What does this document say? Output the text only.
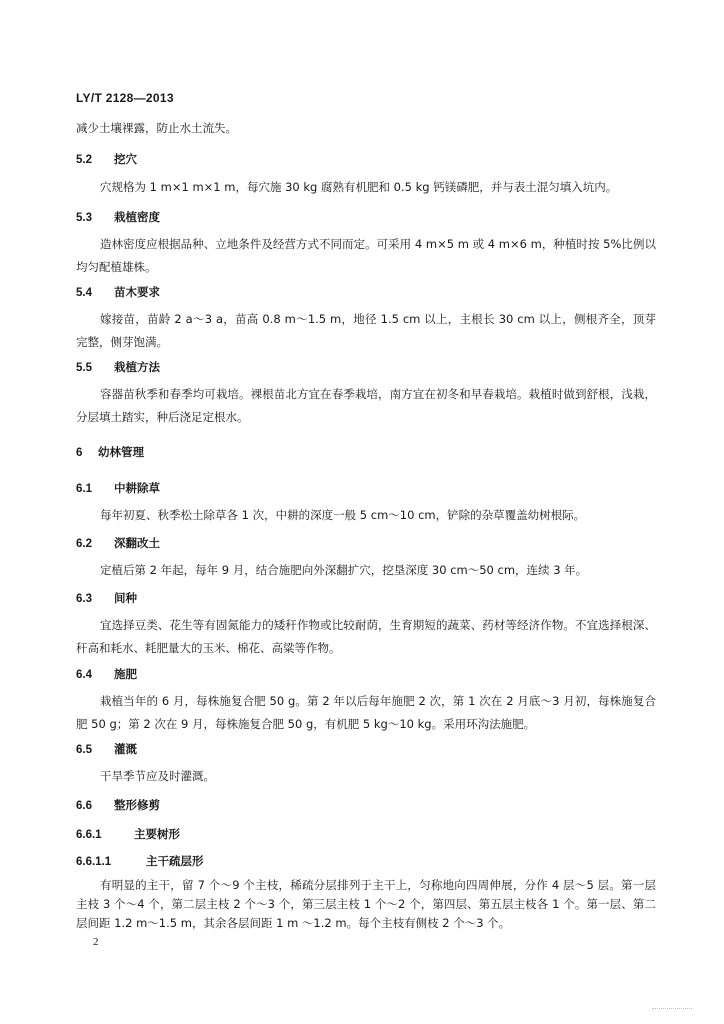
LY/T 2128—2013
减少土壤裸露，防止水土流失。
5.2 挖穴
穴规格为 1 m×1 m×1 m，每穴施 30 kg 腐熟有机肥和 0.5 kg 钙镁磷肥，并与表土混匀填入坑内。
5.3 栽植密度
造林密度应根据品种、立地条件及经营方式不同而定。可采用 4 m×5 m 或 4 m×6 m，种植时按 5%比例以均匀配植雄株。
5.4 苗木要求
嫁接苗，苗龄 2 a～3 a，苗高 0.8 m～1.5 m，地径 1.5 cm 以上，主根长 30 cm 以上，侧根齐全，顶芽完整，侧芽饱满。
5.5 栽植方法
容器苗秋季和春季均可栽培。裸根苗北方宜在春季栽培，南方宜在初冬和早春栽培。栽植时做到舒根，浅栽，分层填土踏实，种后浇足定根水。
6 幼林管理
6.1 中耕除草
每年初夏、秋季松土除草各 1 次，中耕的深度一般 5 cm～10 cm，铲除的杂草覆盖幼树根际。
6.2 深翻改土
定植后第 2 年起，每年 9 月，结合施肥向外深翻扩穴，挖垦深度 30 cm～50 cm，连续 3 年。
6.3 间种
宜选择豆类、花生等有固氮能力的矮秆作物或比较耐荫，生育期短的蔬菜、药材等经济作物。不宜选择根深、秆高和耗水、耗肥量大的玉米、棉花、高粱等作物。
6.4 施肥
栽植当年的 6 月，每株施复合肥 50 g。第 2 年以后每年施肥 2 次，第 1 次在 2 月底～3 月初，每株施复合肥 50 g；第 2 次在 9 月，每株施复合肥 50 g，有机肥 5 kg～10 kg。采用环沟法施肥。
6.5 灌溉
干旱季节应及时灌溉。
6.6 整形修剪
6.6.1	主要树形
6.6.1.1	主干疏层形
有明显的主干，留 7 个～9 个主枝，稀疏分层排列于主干上，匀称地向四周伸展，分作 4 层～5 层。第一层主枝 3 个～4 个，第二层主枝 2 个～3 个，第三层主枝 1 个～2 个，第四层、第五层主枝各 1 个。第一层、第二层间距 1.2 m～1.5 m，其余各层间距 1 m ～1.2 m。每个主枝有侧枝 2 个～3 个。
2
